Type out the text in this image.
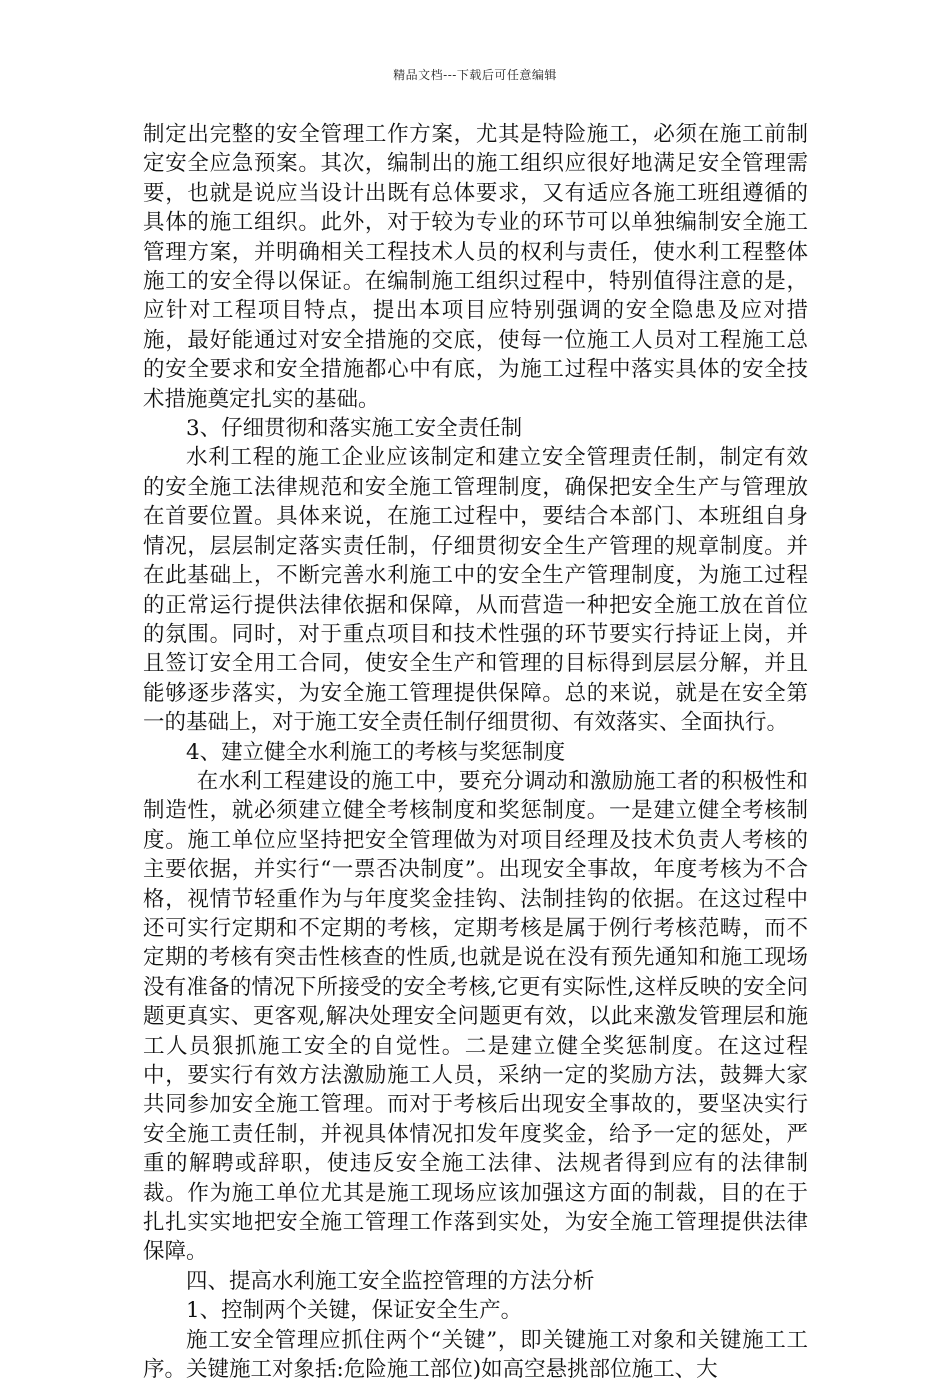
精品文档---下载后可任意编辑

制定出完整的安全管理工作方案，尤其是特险施工，必须在施工前制定安全应急预案。其次，编制出的施工组织应很好地满足安全管理需要，也就是说应当设计出既有总体要求，又有适应各施工班组遵循的具体的施工组织。此外，对于较为专业的环节可以单独编制安全施工管理方案，并明确相关工程技术人员的权利与责任，使水利工程整体施工的安全得以保证。在编制施工组织过程中，特别值得注意的是，应针对工程项目特点，提出本项目应特别强调的安全隐患及应对措施，最好能通过对安全措施的交底，使每一位施工人员对工程施工总的安全要求和安全措施都心中有底，为施工过程中落实具体的安全技术措施奠定扎实的基础。

3、仔细贯彻和落实施工安全责任制

水利工程的施工企业应该制定和建立安全管理责任制，制定有效的安全施工法律规范和安全施工管理制度，确保把安全生产与管理放在首要位置。具体来说，在施工过程中，要结合本部门、本班组自身情况，层层制定落实责任制，仔细贯彻安全生产管理的规章制度。并在此基础上，不断完善水利施工中的安全生产管理制度，为施工过程的正常运行提供法律依据和保障，从而营造一种把安全施工放在首位的氛围。同时，对于重点项目和技术性强的环节要实行持证上岗，并且签订安全用工合同，使安全生产和管理的目标得到层层分解，并且能够逐步落实，为安全施工管理提供保障。总的来说，就是在安全第一的基础上，对于施工安全责任制仔细贯彻、有效落实、全面执行。

4、建立健全水利施工的考核与奖惩制度

在水利工程建设的施工中，要充分调动和激励施工者的积极性和制造性，就必须建立健全考核制度和奖惩制度。一是建立健全考核制度。施工单位应坚持把安全管理做为对项目经理及技术负责人考核的主要依据，并实行“一票否决制度”。出现安全事故，年度考核为不合格，视情节轻重作为与年度奖金挂钩、法制挂钩的依据。在这过程中还可实行定期和不定期的考核，定期考核是属于例行考核范畴，而不定期的考核有突击性核查的性质,也就是说在没有预先通知和施工现场没有准备的情况下所接受的安全考核,它更有实际性,这样反映的安全问题更真实、更客观,解决处理安全问题更有效，以此来激发管理层和施工人员狠抓施工安全的自觉性。二是建立健全奖惩制度。在这过程中，要实行有效方法激励施工人员，采纳一定的奖励方法，鼓舞大家共同参加安全施工管理。而对于考核后出现安全事故的，要坚决实行安全施工责任制，并视具体情况扣发年度奖金，给予一定的惩处，严重的解聘或辞职，使违反安全施工法律、法规者得到应有的法律制裁。作为施工单位尤其是施工现场应该加强这方面的制裁，目的在于扎扎实实地把安全施工管理工作落到实处，为安全施工管理提供法律保障。

四、提高水利施工安全监控管理的方法分析

1、控制两个关键，保证安全生产。

施工安全管理应抓住两个“关键”，即关键施工对象和关键施工工序。关键施工对象括:危险施工部位)如高空悬挑部位施工、大
